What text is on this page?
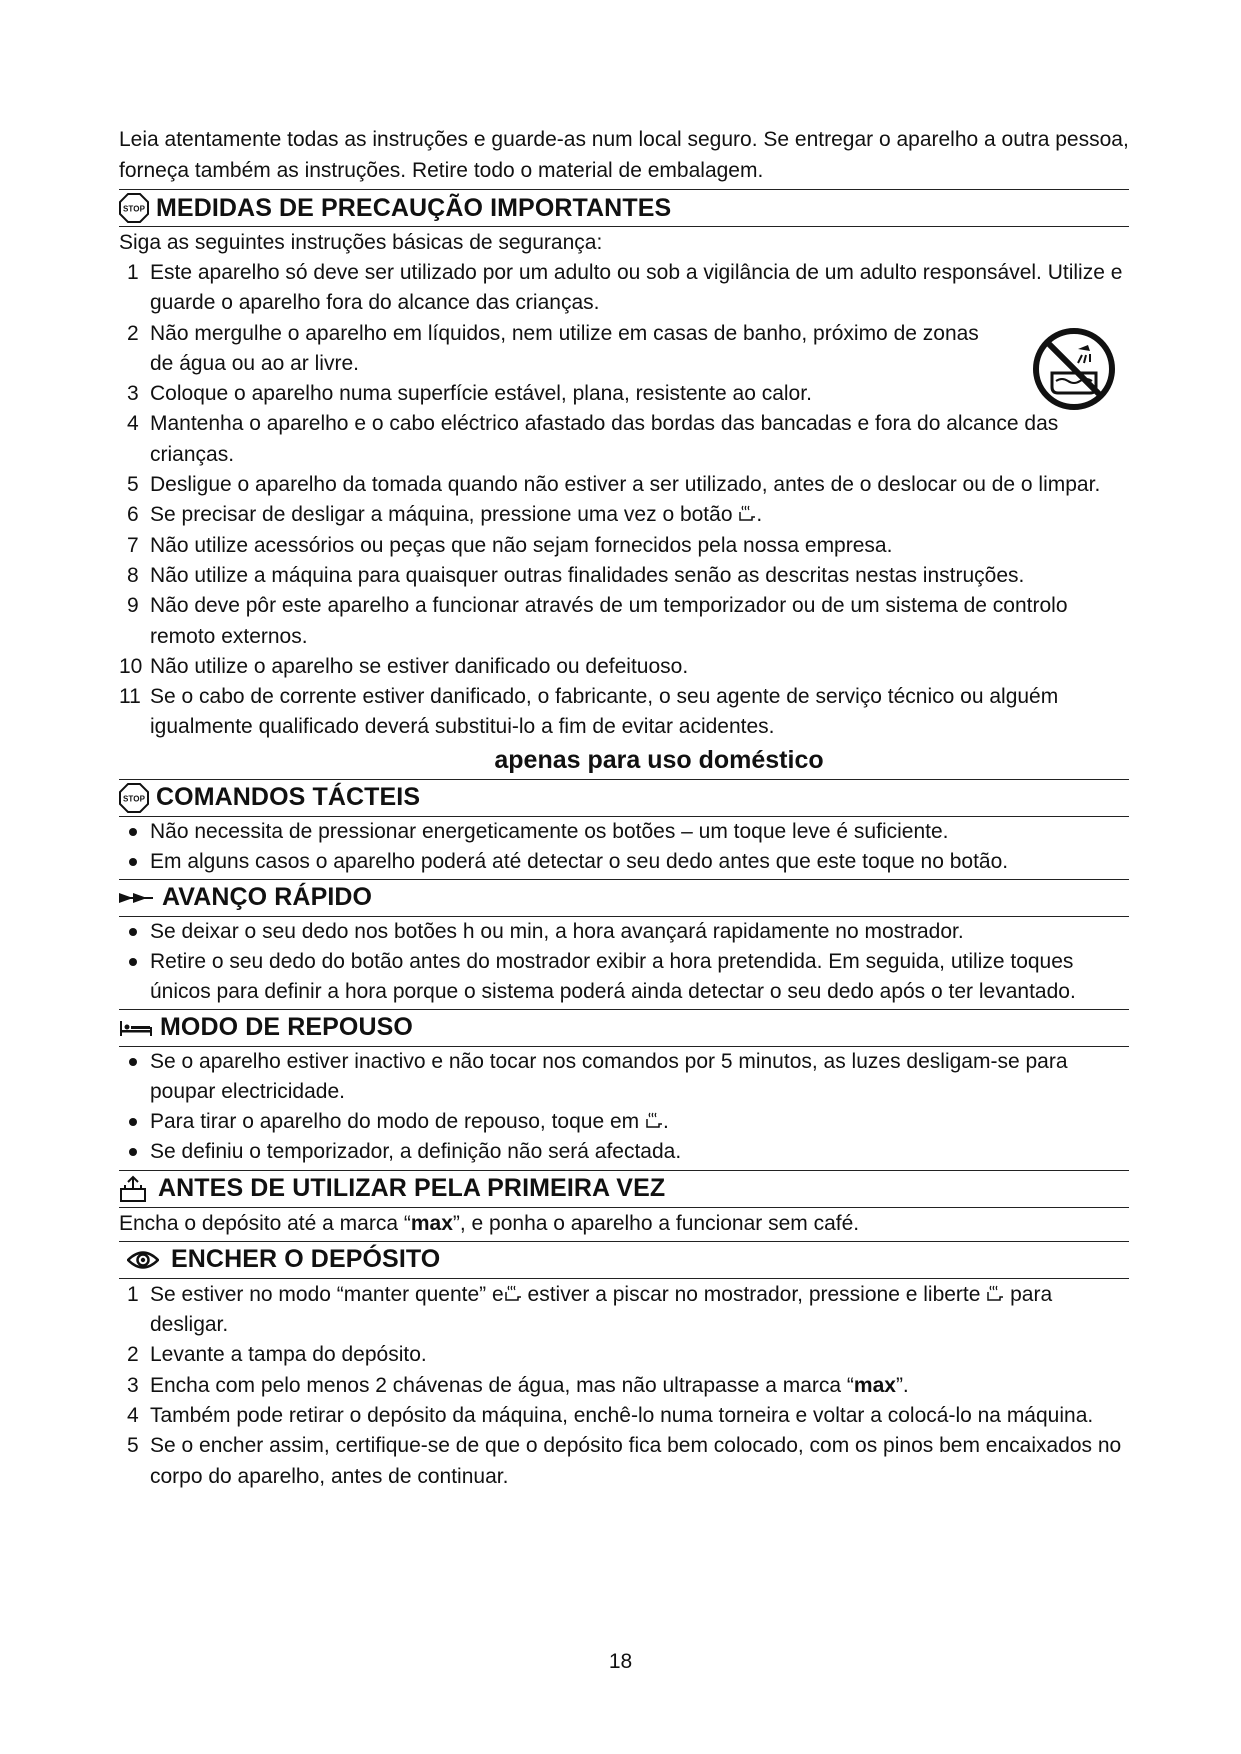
Leia atentamente todas as instruções e guarde-as num local seguro. Se entregar o aparelho a outra pessoa, forneça também as instruções. Retire todo o material de embalagem.

STOP MEDIDAS DE PRECAUÇÃO IMPORTANTES

Siga as seguintes instruções básicas de segurança:

1 Este aparelho só deve ser utilizado por um adulto ou sob a vigilância de um adulto responsável. Utilize e guarde o aparelho fora do alcance das crianças.
2 Não mergulhe o aparelho em líquidos, nem utilize em casas de banho, próximo de zonas de água ou ao ar livre.
3 Coloque o aparelho numa superfície estável, plana, resistente ao calor.
4 Mantenha o aparelho e o cabo eléctrico afastado das bordas das bancadas e fora do alcance das crianças.
5 Desligue o aparelho da tomada quando não estiver a ser utilizado, antes de o deslocar ou de o limpar.
6 Se precisar de desligar a máquina, pressione uma vez o botão .
7 Não utilize acessórios ou peças que não sejam fornecidos pela nossa empresa.
8 Não utilize a máquina para quaisquer outras finalidades senão as descritas nestas instruções.
9 Não deve pôr este aparelho a funcionar através de um temporizador ou de um sistema de controlo remoto externos.
10 Não utilize o aparelho se estiver danificado ou defeituoso.
11 Se o cabo de corrente estiver danificado, o fabricante, o seu agente de serviço técnico ou alguém igualmente qualificado deverá substitui-lo a fim de evitar acidentes.

apenas para uso doméstico

STOP COMANDOS TÁCTEIS
Não necessita de pressionar energeticamente os botões – um toque leve é suficiente.
Em alguns casos o aparelho poderá até detectar o seu dedo antes que este toque no botão.
AVANÇO RÁPIDO
Se deixar o seu dedo nos botões h ou min, a hora avançará rapidamente no mostrador.
Retire o seu dedo do botão antes do mostrador exibir a hora pretendida. Em seguida, utilize toques únicos para definir a hora porque o sistema poderá ainda detectar o seu dedo após o ter levantado.
MODO DE REPOUSO
Se o aparelho estiver inactivo e não tocar nos comandos por 5 minutos, as luzes desligam-se para poupar electricidade.
Para tirar o aparelho do modo de repouso, toque em .
Se definiu o temporizador, a definição não será afectada.
ANTES DE UTILIZAR PELA PRIMEIRA VEZ

Encha o depósito até a marca “max”, e ponha o aparelho a funcionar sem café.

ENCHER O DEPÓSITO
1 Se estiver no modo “manter quente” e estiver a piscar no mostrador, pressione e liberte para desligar.
2 Levante a tampa do depósito.
3 Encha com pelo menos 2 chávenas de água, mas não ultrapasse a marca “max”.
4 Também pode retirar o depósito da máquina, enchê-lo numa torneira e voltar a colocá-lo na máquina.
5 Se o encher assim, certifique-se de que o depósito fica bem colocado, com os pinos bem encaixados no corpo do aparelho, antes de continuar.
18
